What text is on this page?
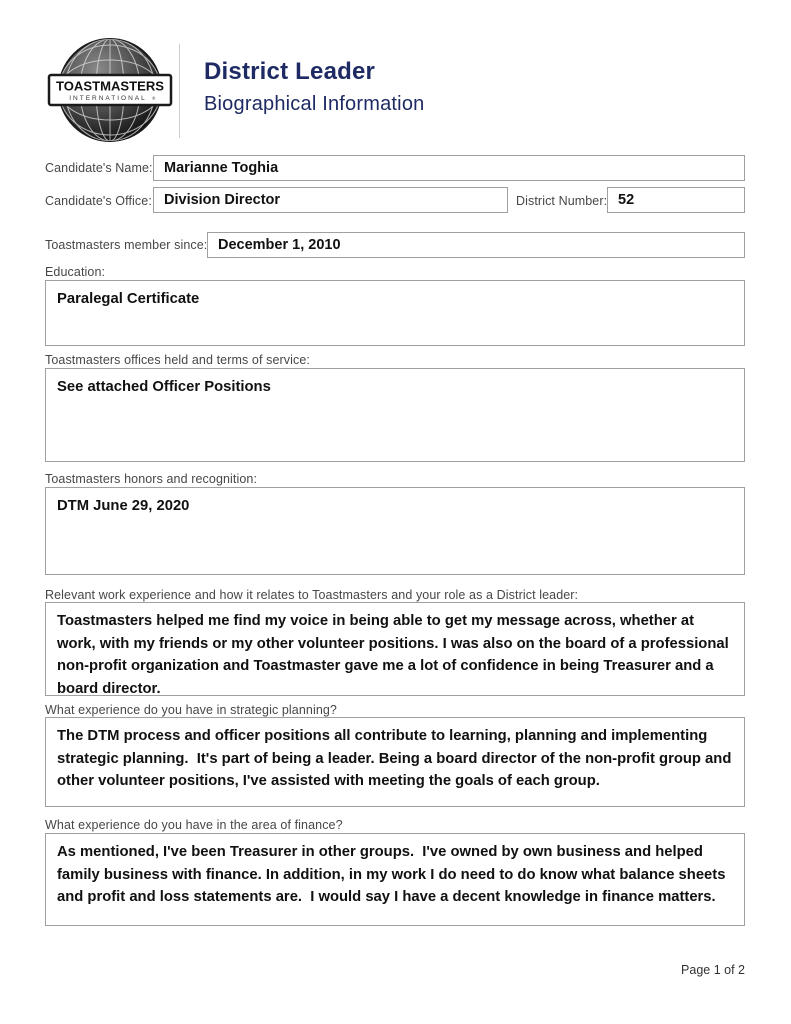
TOASTMASTERS
INTERNATIONAL ®
District Leader
Biographical Information
Candidate's Name: Marianne Toghia
Candidate's Office: Division Director	District Number: 52
Toastmasters member since: December 1, 2010
Education:
Paralegal Certificate
Toastmasters offices held and terms of service:
See attached Officer Positions
Toastmasters honors and recognition:
DTM June 29, 2020
Relevant work experience and how it relates to Toastmasters and your role as a District leader:
Toastmasters helped me find my voice in being able to get my message across, whether at work, with my friends or my other volunteer positions. I was also on the board of a professional non-profit organization and Toastmaster gave me a lot of confidence in being Treasurer and a board director.
What experience do you have in strategic planning?
The DTM process and officer positions all contribute to learning, planning and implementing strategic planning.  It's part of being a leader. Being a board director of the non-profit group and other volunteer positions, I've assisted with meeting the goals of each group.
What experience do you have in the area of finance?
As mentioned, I've been Treasurer in other groups.  I've owned by own business and helped family business with finance. In addition, in my work I do need to do know what balance sheets and profit and loss statements are.  I would say I have a decent knowledge in finance matters.
Page 1 of 2
